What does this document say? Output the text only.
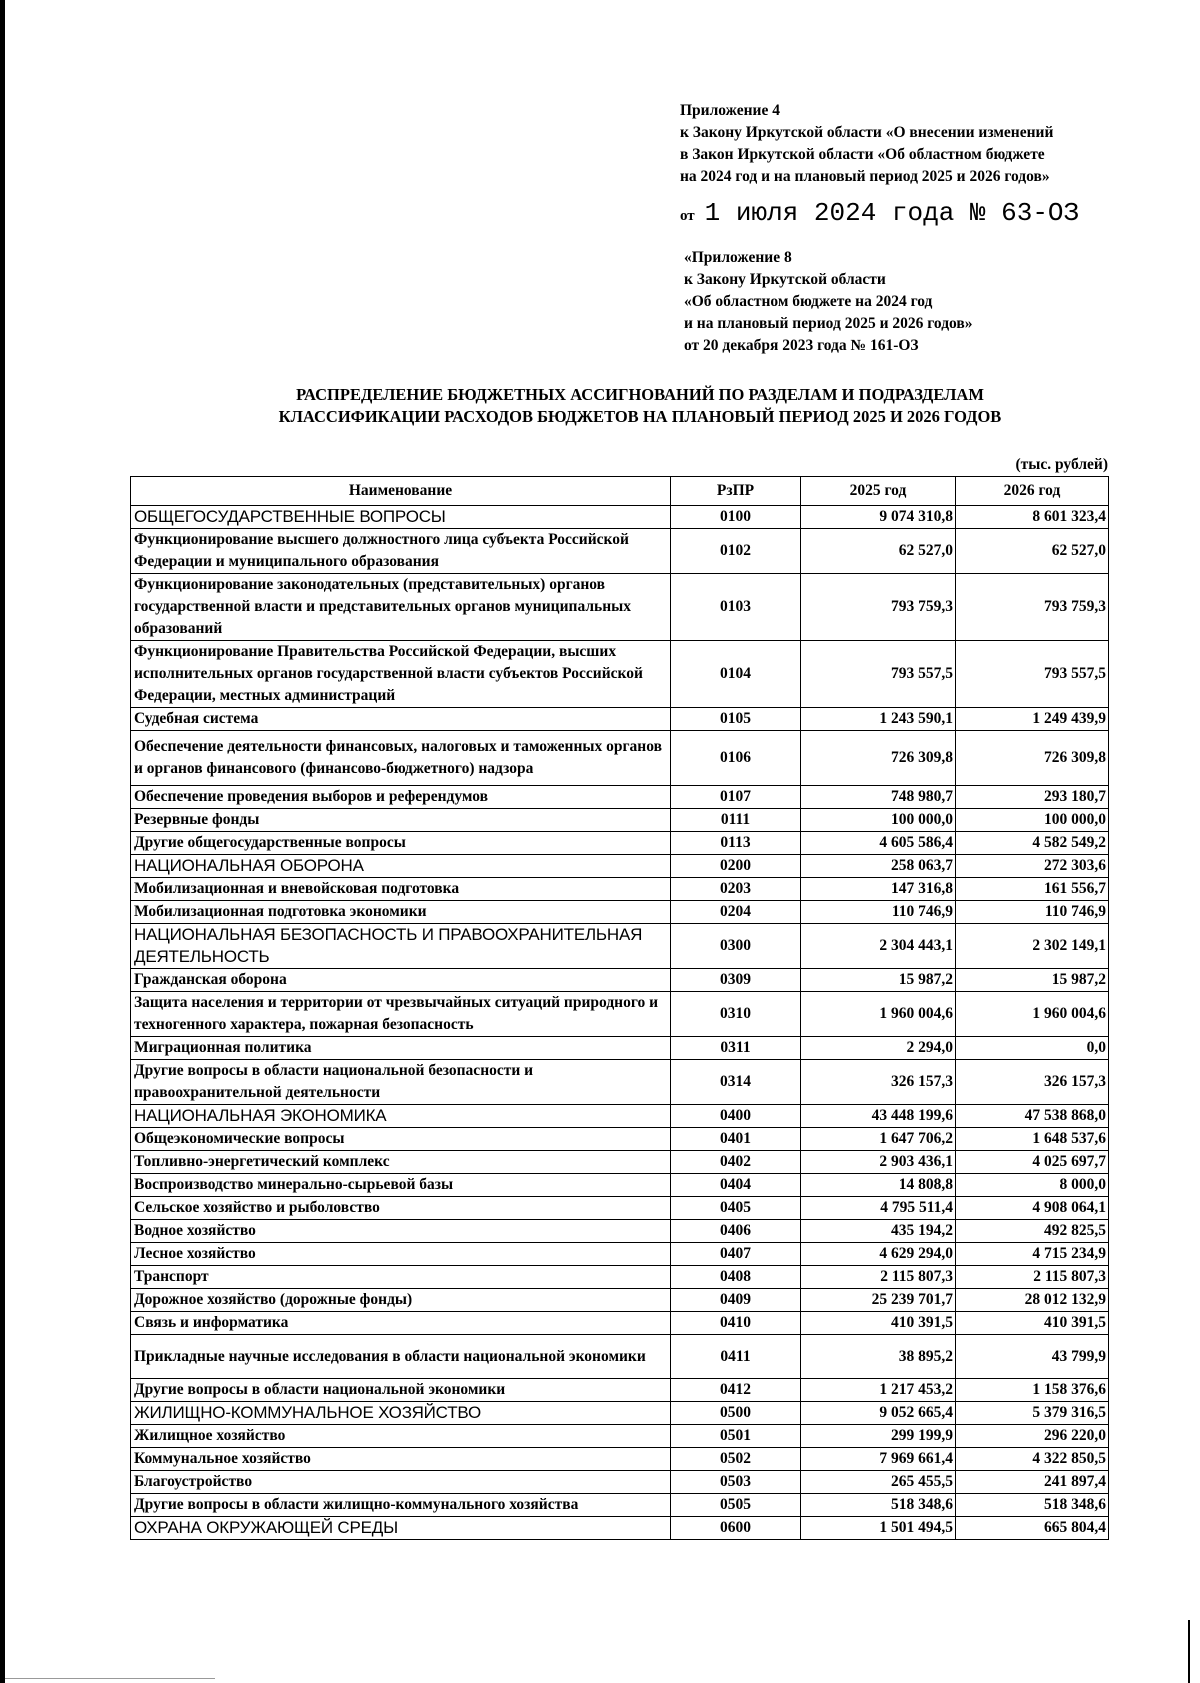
Приложение 4
к Закону Иркутской области «О внесении изменений
в Закон Иркутской области «Об областном бюджете
на 2024 год и на плановый период 2025 и 2026 годов»
от 1 июля 2024 года № 63-ОЗ
«Приложение 8
к Закону Иркутской области
«Об областном бюджете на 2024 год
и на плановый период 2025 и 2026 годов»
от 20 декабря 2023 года № 161-ОЗ
РАСПРЕДЕЛЕНИЕ БЮДЖЕТНЫХ АССИГНОВАНИЙ ПО РАЗДЕЛАМ И ПОДРАЗДЕЛАМ
КЛАССИФИКАЦИИ РАСХОДОВ БЮДЖЕТОВ НА ПЛАНОВЫЙ ПЕРИОД 2025 И 2026 ГОДОВ
(тыс. рублей)
Наименование	РзПР	2025 год	2026 год
ОБЩЕГОСУДАРСТВЕННЫЕ ВОПРОСЫ	0100	9 074 310,8	8 601 323,4
Функционирование высшего должностного лица субъекта Российской Федерации и муниципального образования	0102	62 527,0	62 527,0
Функционирование законодательных (представительных) органов государственной власти и представительных органов муниципальных образований	0103	793 759,3	793 759,3
Функционирование Правительства Российской Федерации, высших исполнительных органов государственной власти субъектов Российской Федерации, местных администраций	0104	793 557,5	793 557,5
Судебная система	0105	1 243 590,1	1 249 439,9
Обеспечение деятельности финансовых, налоговых и таможенных органов и органов финансового (финансово-бюджетного) надзора	0106	726 309,8	726 309,8
Обеспечение проведения выборов и референдумов	0107	748 980,7	293 180,7
Резервные фонды	0111	100 000,0	100 000,0
Другие общегосударственные вопросы	0113	4 605 586,4	4 582 549,2
НАЦИОНАЛЬНАЯ ОБОРОНА	0200	258 063,7	272 303,6
Мобилизационная и вневойсковая подготовка	0203	147 316,8	161 556,7
Мобилизационная подготовка экономики	0204	110 746,9	110 746,9
НАЦИОНАЛЬНАЯ БЕЗОПАСНОСТЬ И ПРАВООХРАНИТЕЛЬНАЯ ДЕЯТЕЛЬНОСТЬ	0300	2 304 443,1	2 302 149,1
Гражданская оборона	0309	15 987,2	15 987,2
Защита населения и территории от чрезвычайных ситуаций природного и техногенного характера, пожарная безопасность	0310	1 960 004,6	1 960 004,6
Миграционная политика	0311	2 294,0	0,0
Другие вопросы в области национальной безопасности и правоохранительной деятельности	0314	326 157,3	326 157,3
НАЦИОНАЛЬНАЯ ЭКОНОМИКА	0400	43 448 199,6	47 538 868,0
Общеэкономические вопросы	0401	1 647 706,2	1 648 537,6
Топливно-энергетический комплекс	0402	2 903 436,1	4 025 697,7
Воспроизводство минерально-сырьевой базы	0404	14 808,8	8 000,0
Сельское хозяйство и рыболовство	0405	4 795 511,4	4 908 064,1
Водное хозяйство	0406	435 194,2	492 825,5
Лесное хозяйство	0407	4 629 294,0	4 715 234,9
Транспорт	0408	2 115 807,3	2 115 807,3
Дорожное хозяйство (дорожные фонды)	0409	25 239 701,7	28 012 132,9
Связь и информатика	0410	410 391,5	410 391,5
Прикладные научные исследования в области национальной экономики	0411	38 895,2	43 799,9
Другие вопросы в области национальной экономики	0412	1 217 453,2	1 158 376,6
ЖИЛИЩНО-КОММУНАЛЬНОЕ ХОЗЯЙСТВО	0500	9 052 665,4	5 379 316,5
Жилищное хозяйство	0501	299 199,9	296 220,0
Коммунальное хозяйство	0502	7 969 661,4	4 322 850,5
Благоустройство	0503	265 455,5	241 897,4
Другие вопросы в области жилищно-коммунального хозяйства	0505	518 348,6	518 348,6
ОХРАНА ОКРУЖАЮЩЕЙ СРЕДЫ	0600	1 501 494,5	665 804,4
